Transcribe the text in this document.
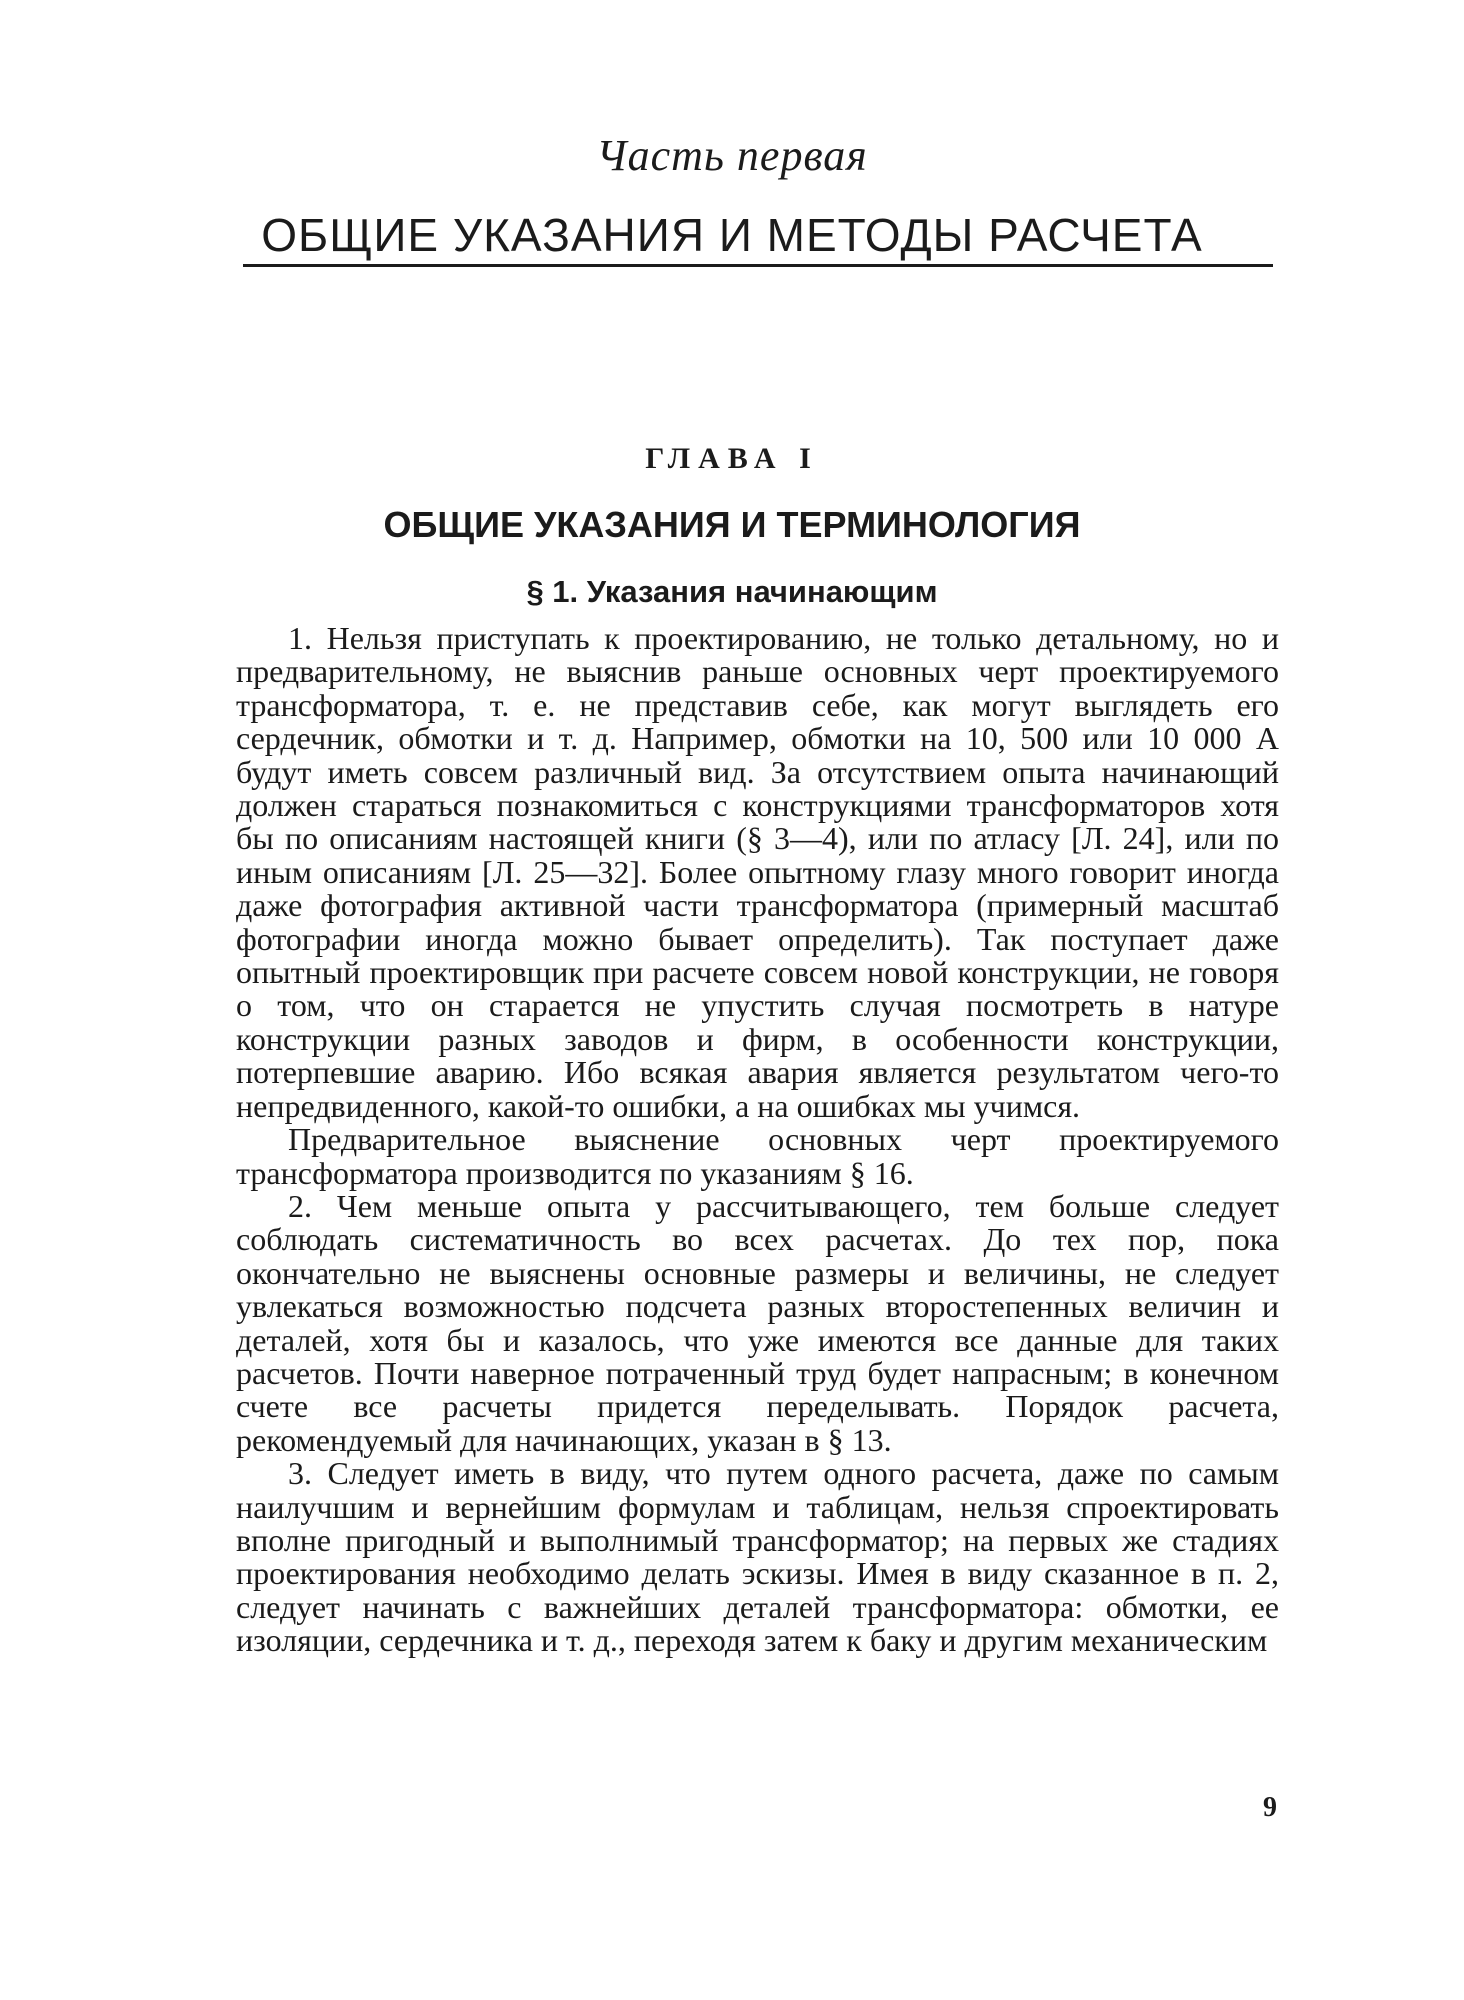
Часть первая
ОБЩИЕ УКАЗАНИЯ И МЕТОДЫ РАСЧЕТА
ГЛАВА I
ОБЩИЕ УКАЗАНИЯ И ТЕРМИНОЛОГИЯ
§ 1. Указания начинающим

1. Нельзя приступать к проектированию, не только детальному, но и предварительному, не выяснив раньше основных черт проектируемого трансформатора, т. е. не представив себе, как могут выглядеть его сердечник, обмотки и т. д. Например, обмотки на 10, 500 или 10 000 А будут иметь совсем различный вид. За отсутствием опыта начинающий должен стараться познакомиться с конструкциями трансформаторов хотя бы по описаниям настоящей книги (§ 3—4), или по атласу [Л. 24], или по иным описаниям [Л. 25—32]. Более опытному глазу много говорит иногда даже фотография активной части трансформатора (примерный масштаб фотографии иногда можно бывает определить). Так поступает даже опытный проектировщик при расчете совсем новой конструкции, не говоря о том, что он старается не упустить случая посмотреть в натуре конструкции разных заводов и фирм, в особенности конструкции, потерпевшие аварию. Ибо всякая авария является результатом чего-то непредвиденного, какой-то ошибки, а на ошибках мы учимся.

Предварительное выяснение основных черт проектируемого трансформатора производится по указаниям § 16.

2. Чем меньше опыта у рассчитывающего, тем больше следует соблюдать систематичность во всех расчетах. До тех пор, пока окончательно не выяснены основные размеры и величины, не следует увлекаться возможностью подсчета разных второстепенных величин и деталей, хотя бы и казалось, что уже имеются все данные для таких расчетов. Почти наверное потраченный труд будет напрасным; в конечном счете все расчеты придется переделывать. Порядок расчета, рекомендуемый для начинающих, указан в § 13.

3. Следует иметь в виду, что путем одного расчета, даже по самым наилучшим и вернейшим формулам и таблицам, нельзя спроектировать вполне пригодный и выполнимый трансформатор; на первых же стадиях проектирования необходимо делать эскизы. Имея в виду сказанное в п. 2, следует начинать с важнейших деталей трансформатора: обмотки, ее изоляции, сердечника и т. д., переходя затем к баку и другим механическим

9
